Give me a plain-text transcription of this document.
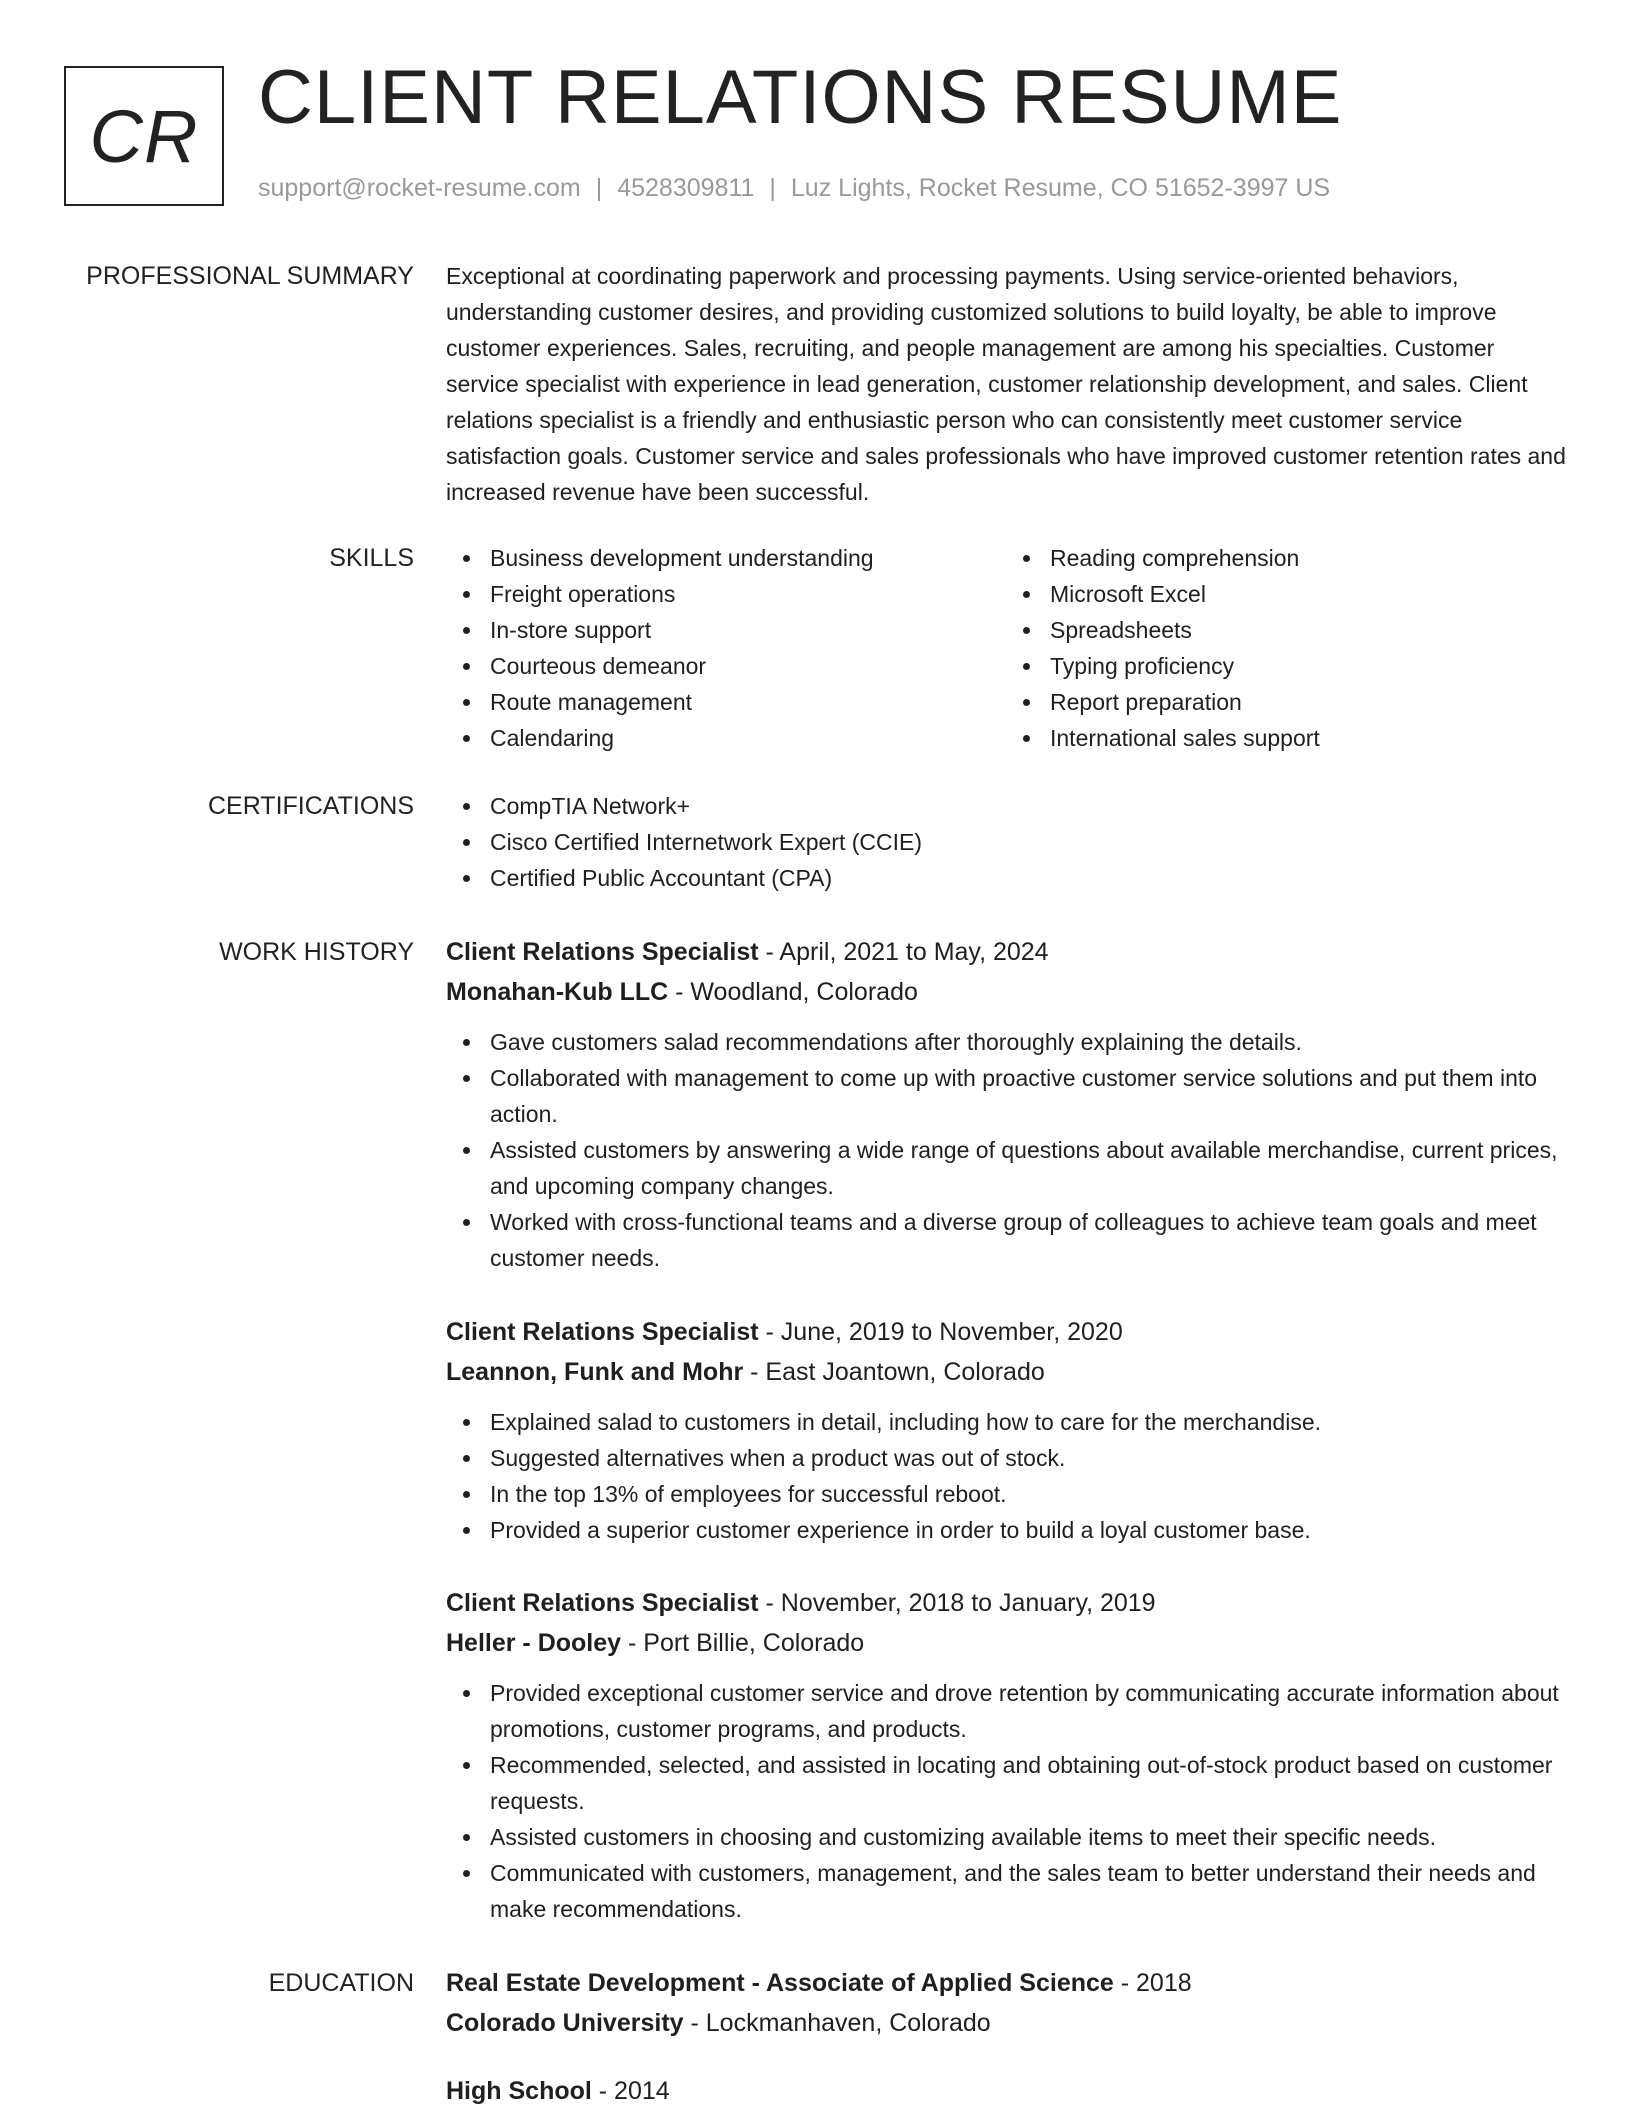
CR CLIENT RELATIONS RESUME
support@rocket-resume.com | 4528309811 | Luz Lights, Rocket Resume, CO 51652-3997 US
PROFESSIONAL SUMMARY Exceptional at coordinating paperwork and processing payments. Using service-oriented behaviors, understanding customer desires, and providing customized solutions to build loyalty, be able to improve customer experiences. Sales, recruiting, and people management are among his specialties. Customer service specialist with experience in lead generation, customer relationship development, and sales. Client relations specialist is a friendly and enthusiastic person who can consistently meet customer service satisfaction goals. Customer service and sales professionals who have improved customer retention rates and increased revenue have been successful.

SKILLS	Business development understanding
Freight operations
In-store support
Courteous demeanor
Route management
Calendaring
Reading comprehension
Microsoft Excel
Spreadsheets
Typing proficiency
Report preparation
International sales support
CERTIFICATIONS	CompTIA Network+
Cisco Certified Internetwork Expert (CCIE)
Certified Public Accountant (CPA)
WORK HISTORY Client Relations Specialist - April, 2021 to May, 2024
Monahan-Kub LLC - Woodland, Colorado
Gave customers salad recommendations after thoroughly explaining the details.
Collaborated with management to come up with proactive customer service solutions and put them into action.
Assisted customers by answering a wide range of questions about available merchandise, current prices, and upcoming company changes.
Worked with cross-functional teams and a diverse group of colleagues to achieve team goals and meet customer needs.
Client Relations Specialist - June, 2019 to November, 2020
Leannon, Funk and Mohr - East Joantown, Colorado
Explained salad to customers in detail, including how to care for the merchandise.
Suggested alternatives when a product was out of stock.
In the top 13% of employees for successful reboot.
Provided a superior customer experience in order to build a loyal customer base.
Client Relations Specialist - November, 2018 to January, 2019
Heller - Dooley - Port Billie, Colorado
Provided exceptional customer service and drove retention by communicating accurate information about promotions, customer programs, and products.
Recommended, selected, and assisted in locating and obtaining out-of-stock product based on customer requests.
Assisted customers in choosing and customizing available items to meet their specific needs.
Communicated with customers, management, and the sales team to better understand their needs and make recommendations.
EDUCATION Real Estate Development - Associate of Applied Science - 2018
Colorado University - Lockmanhaven, Colorado
High School - 2014
